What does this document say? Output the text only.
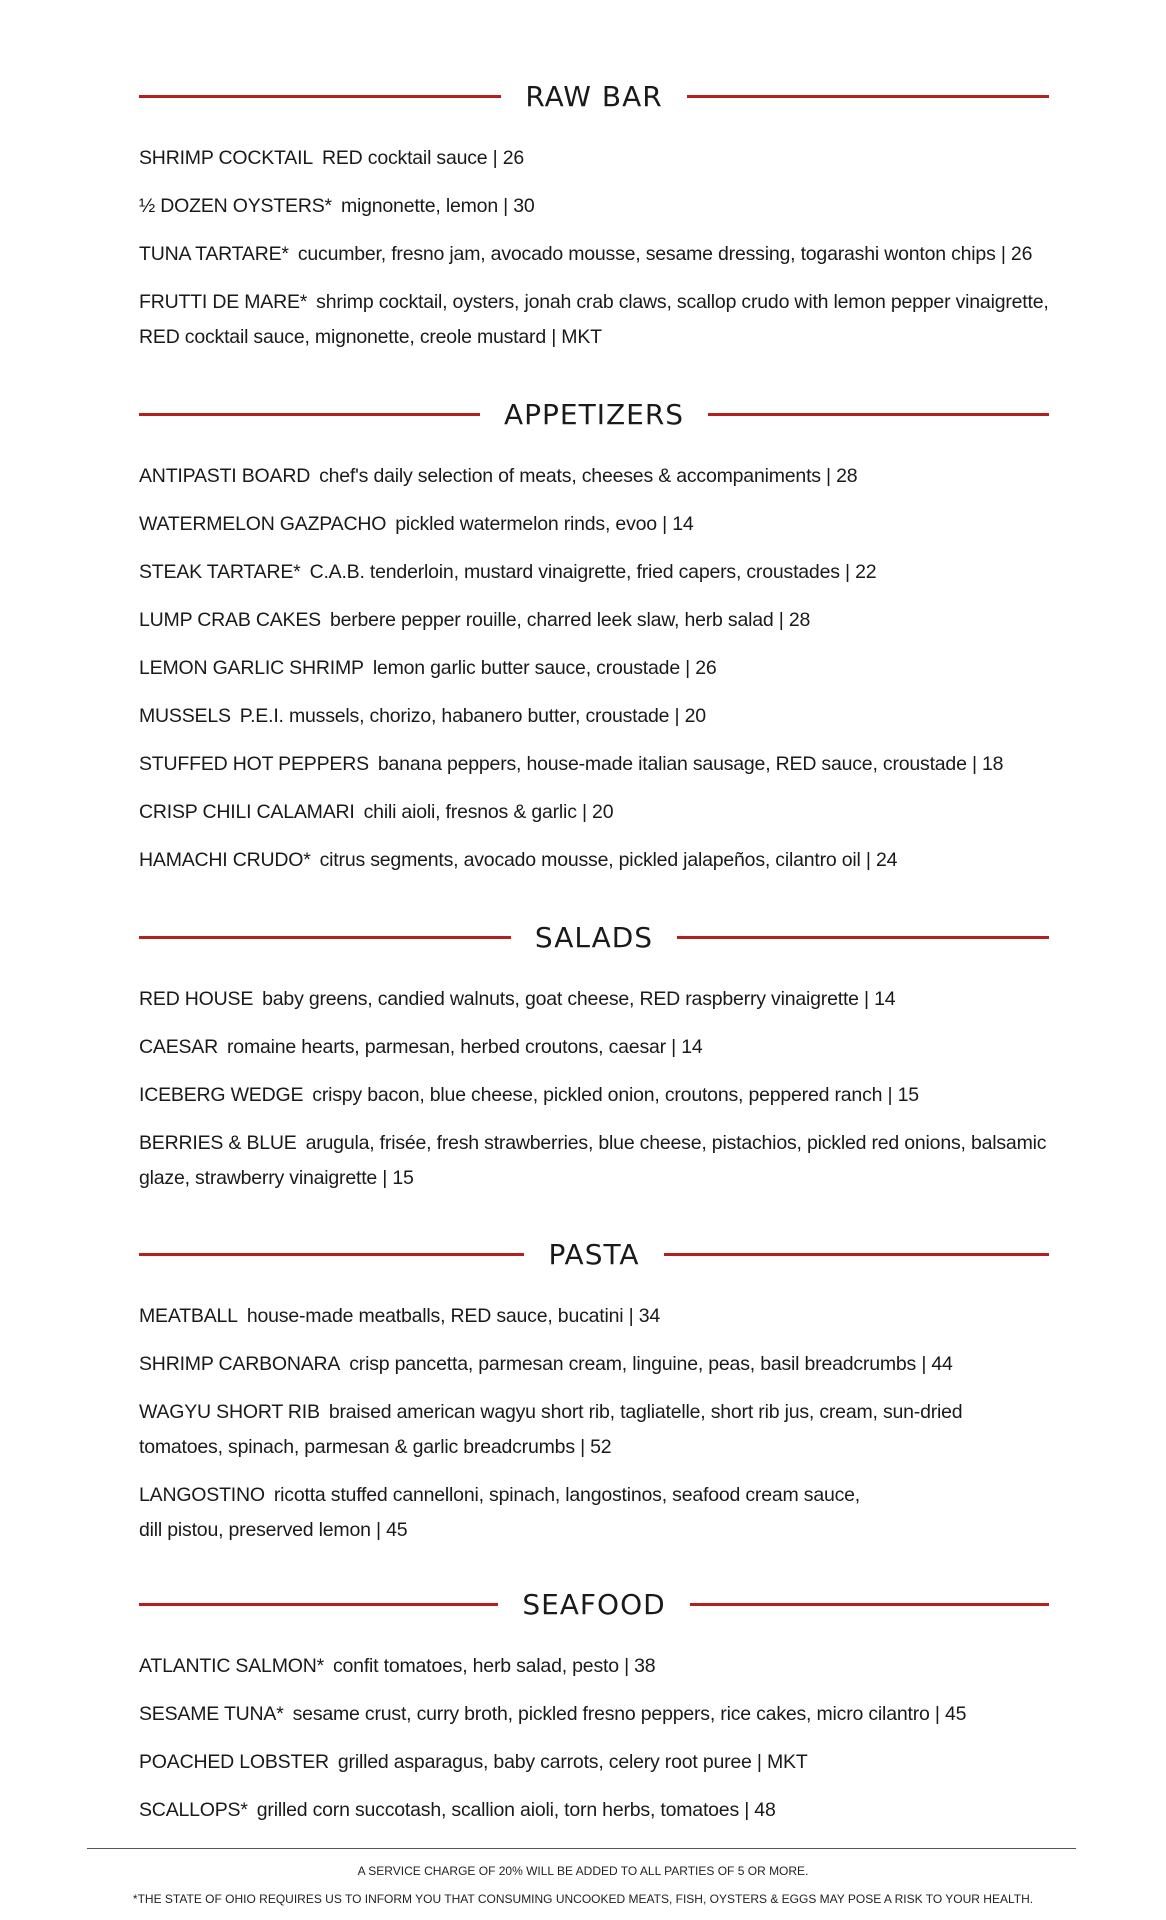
RAW BAR
SHRIMP COCKTAIL RED cocktail sauce | 26
½ DOZEN OYSTERS* mignonette, lemon | 30
TUNA TARTARE* cucumber, fresno jam, avocado mousse, sesame dressing, togarashi wonton chips | 26
FRUTTI DE MARE* shrimp cocktail, oysters, jonah crab claws, scallop crudo with lemon pepper vinaigrette, RED cocktail sauce, mignonette, creole mustard | MKT
APPETIZERS
ANTIPASTI BOARD chef's daily selection of meats, cheeses & accompaniments | 28
WATERMELON GAZPACHO pickled watermelon rinds, evoo | 14
STEAK TARTARE* C.A.B. tenderloin, mustard vinaigrette, fried capers, croustades | 22
LUMP CRAB CAKES berbere pepper rouille, charred leek slaw, herb salad | 28
LEMON GARLIC SHRIMP lemon garlic butter sauce, croustade | 26
MUSSELS P.E.I. mussels, chorizo, habanero butter, croustade | 20
STUFFED HOT PEPPERS banana peppers, house-made italian sausage, RED sauce, croustade | 18
CRISP CHILI CALAMARI chili aioli, fresnos & garlic | 20
HAMACHI CRUDO* citrus segments, avocado mousse, pickled jalapeños, cilantro oil | 24
SALADS
RED HOUSE baby greens, candied walnuts, goat cheese, RED raspberry vinaigrette | 14
CAESAR romaine hearts, parmesan, herbed croutons, caesar | 14
ICEBERG WEDGE crispy bacon, blue cheese, pickled onion, croutons, peppered ranch | 15
BERRIES & BLUE arugula, frisée, fresh strawberries, blue cheese, pistachios, pickled red onions, balsamic glaze, strawberry vinaigrette | 15
PASTA
MEATBALL house-made meatballs, RED sauce, bucatini | 34
SHRIMP CARBONARA crisp pancetta, parmesan cream, linguine, peas, basil breadcrumbs | 44
WAGYU SHORT RIB braised american wagyu short rib, tagliatelle, short rib jus, cream, sun-dried tomatoes, spinach, parmesan & garlic breadcrumbs | 52
LANGOSTINO ricotta stuffed cannelloni, spinach, langostinos, seafood cream sauce,
dill pistou, preserved lemon | 45
SEAFOOD
ATLANTIC SALMON* confit tomatoes, herb salad, pesto | 38
SESAME TUNA* sesame crust, curry broth, pickled fresno peppers, rice cakes, micro cilantro | 45
POACHED LOBSTER grilled asparagus, baby carrots, celery root puree | MKT
SCALLOPS* grilled corn succotash, scallion aioli, torn herbs, tomatoes | 48
A SERVICE CHARGE OF 20% WILL BE ADDED TO ALL PARTIES OF 5 OR MORE.
*THE STATE OF OHIO REQUIRES US TO INFORM YOU THAT CONSUMING UNCOOKED MEATS, FISH, OYSTERS & EGGS MAY POSE A RISK TO YOUR HEALTH.
